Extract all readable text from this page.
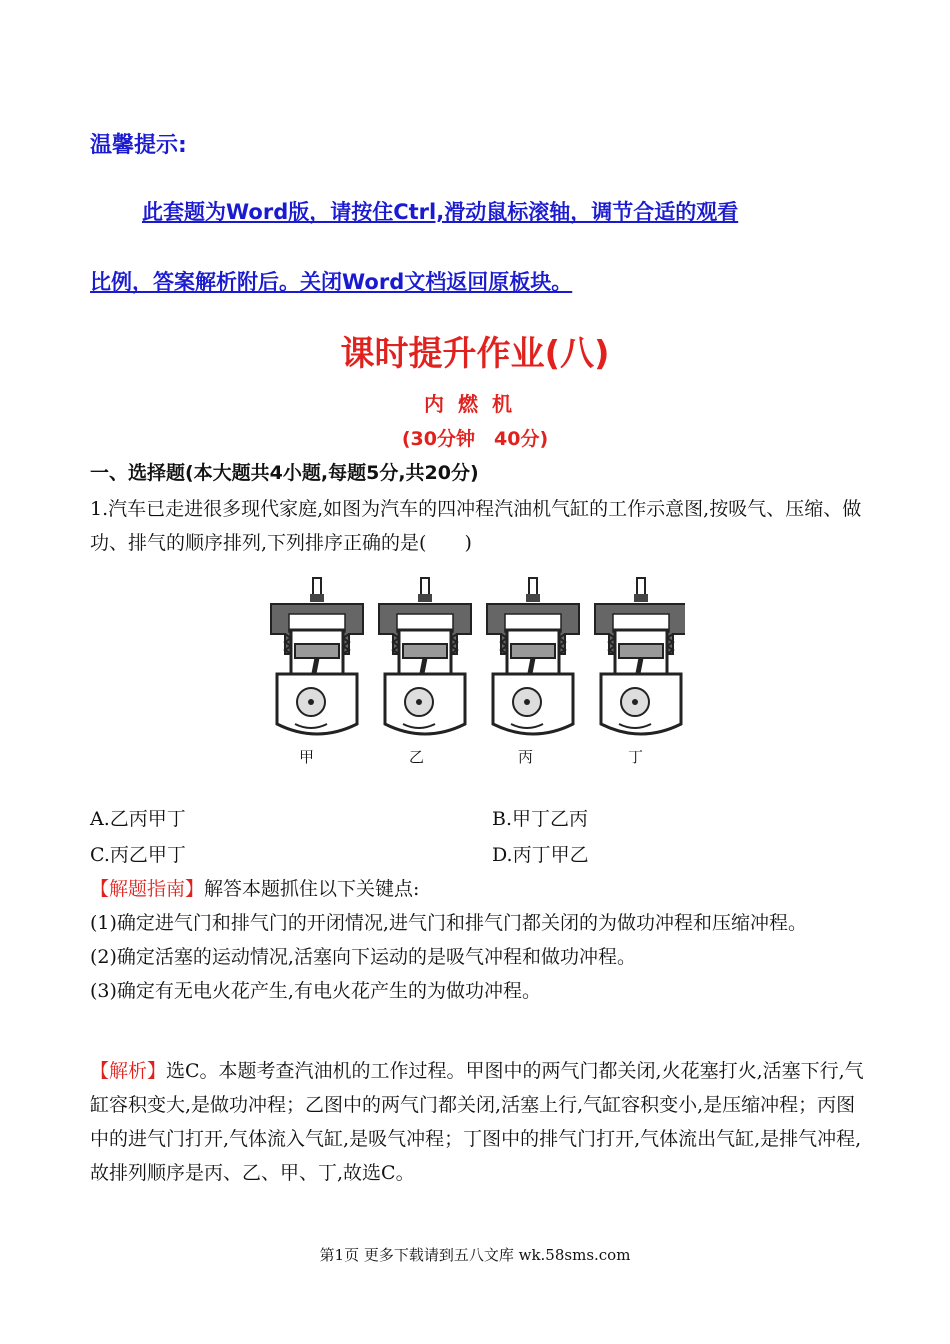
温馨提示:
此套题为Word版，请按住Ctrl,滑动鼠标滚轴，调节合适的观看
比例，答案解析附后。关闭Word文档返回原板块。
课时提升作业(八)
内燃机
(30分钟　40分)
一、选择题(本大题共4小题,每题5分,共20分)
1.汽车已走进很多现代家庭,如图为汽车的四冲程汽油机气缸的工作示意图,按吸气、压缩、做功、排气的顺序排列,下列排序正确的是(　　)
甲	乙	丙	丁
A.乙丙甲丁	B.甲丁乙丙
C.丙乙甲丁	D.丙丁甲乙
【解题指南】解答本题抓住以下关键点:
(1)确定进气门和排气门的开闭情况,进气门和排气门都关闭的为做功冲程和压缩冲程。
(2)确定活塞的运动情况,活塞向下运动的是吸气冲程和做功冲程。
(3)确定有无电火花产生,有电火花产生的为做功冲程。
【解析】选C。本题考查汽油机的工作过程。甲图中的两气门都关闭,火花塞打火,活塞下行,气缸容积变大,是做功冲程；乙图中的两气门都关闭,活塞上行,气缸容积变小,是压缩冲程；丙图中的进气门打开,气体流入气缸,是吸气冲程；丁图中的排气门打开,气体流出气缸,是排气冲程,故排列顺序是丙、乙、甲、丁,故选C。
第1页 更多下载请到五八文库 wk.58sms.com
